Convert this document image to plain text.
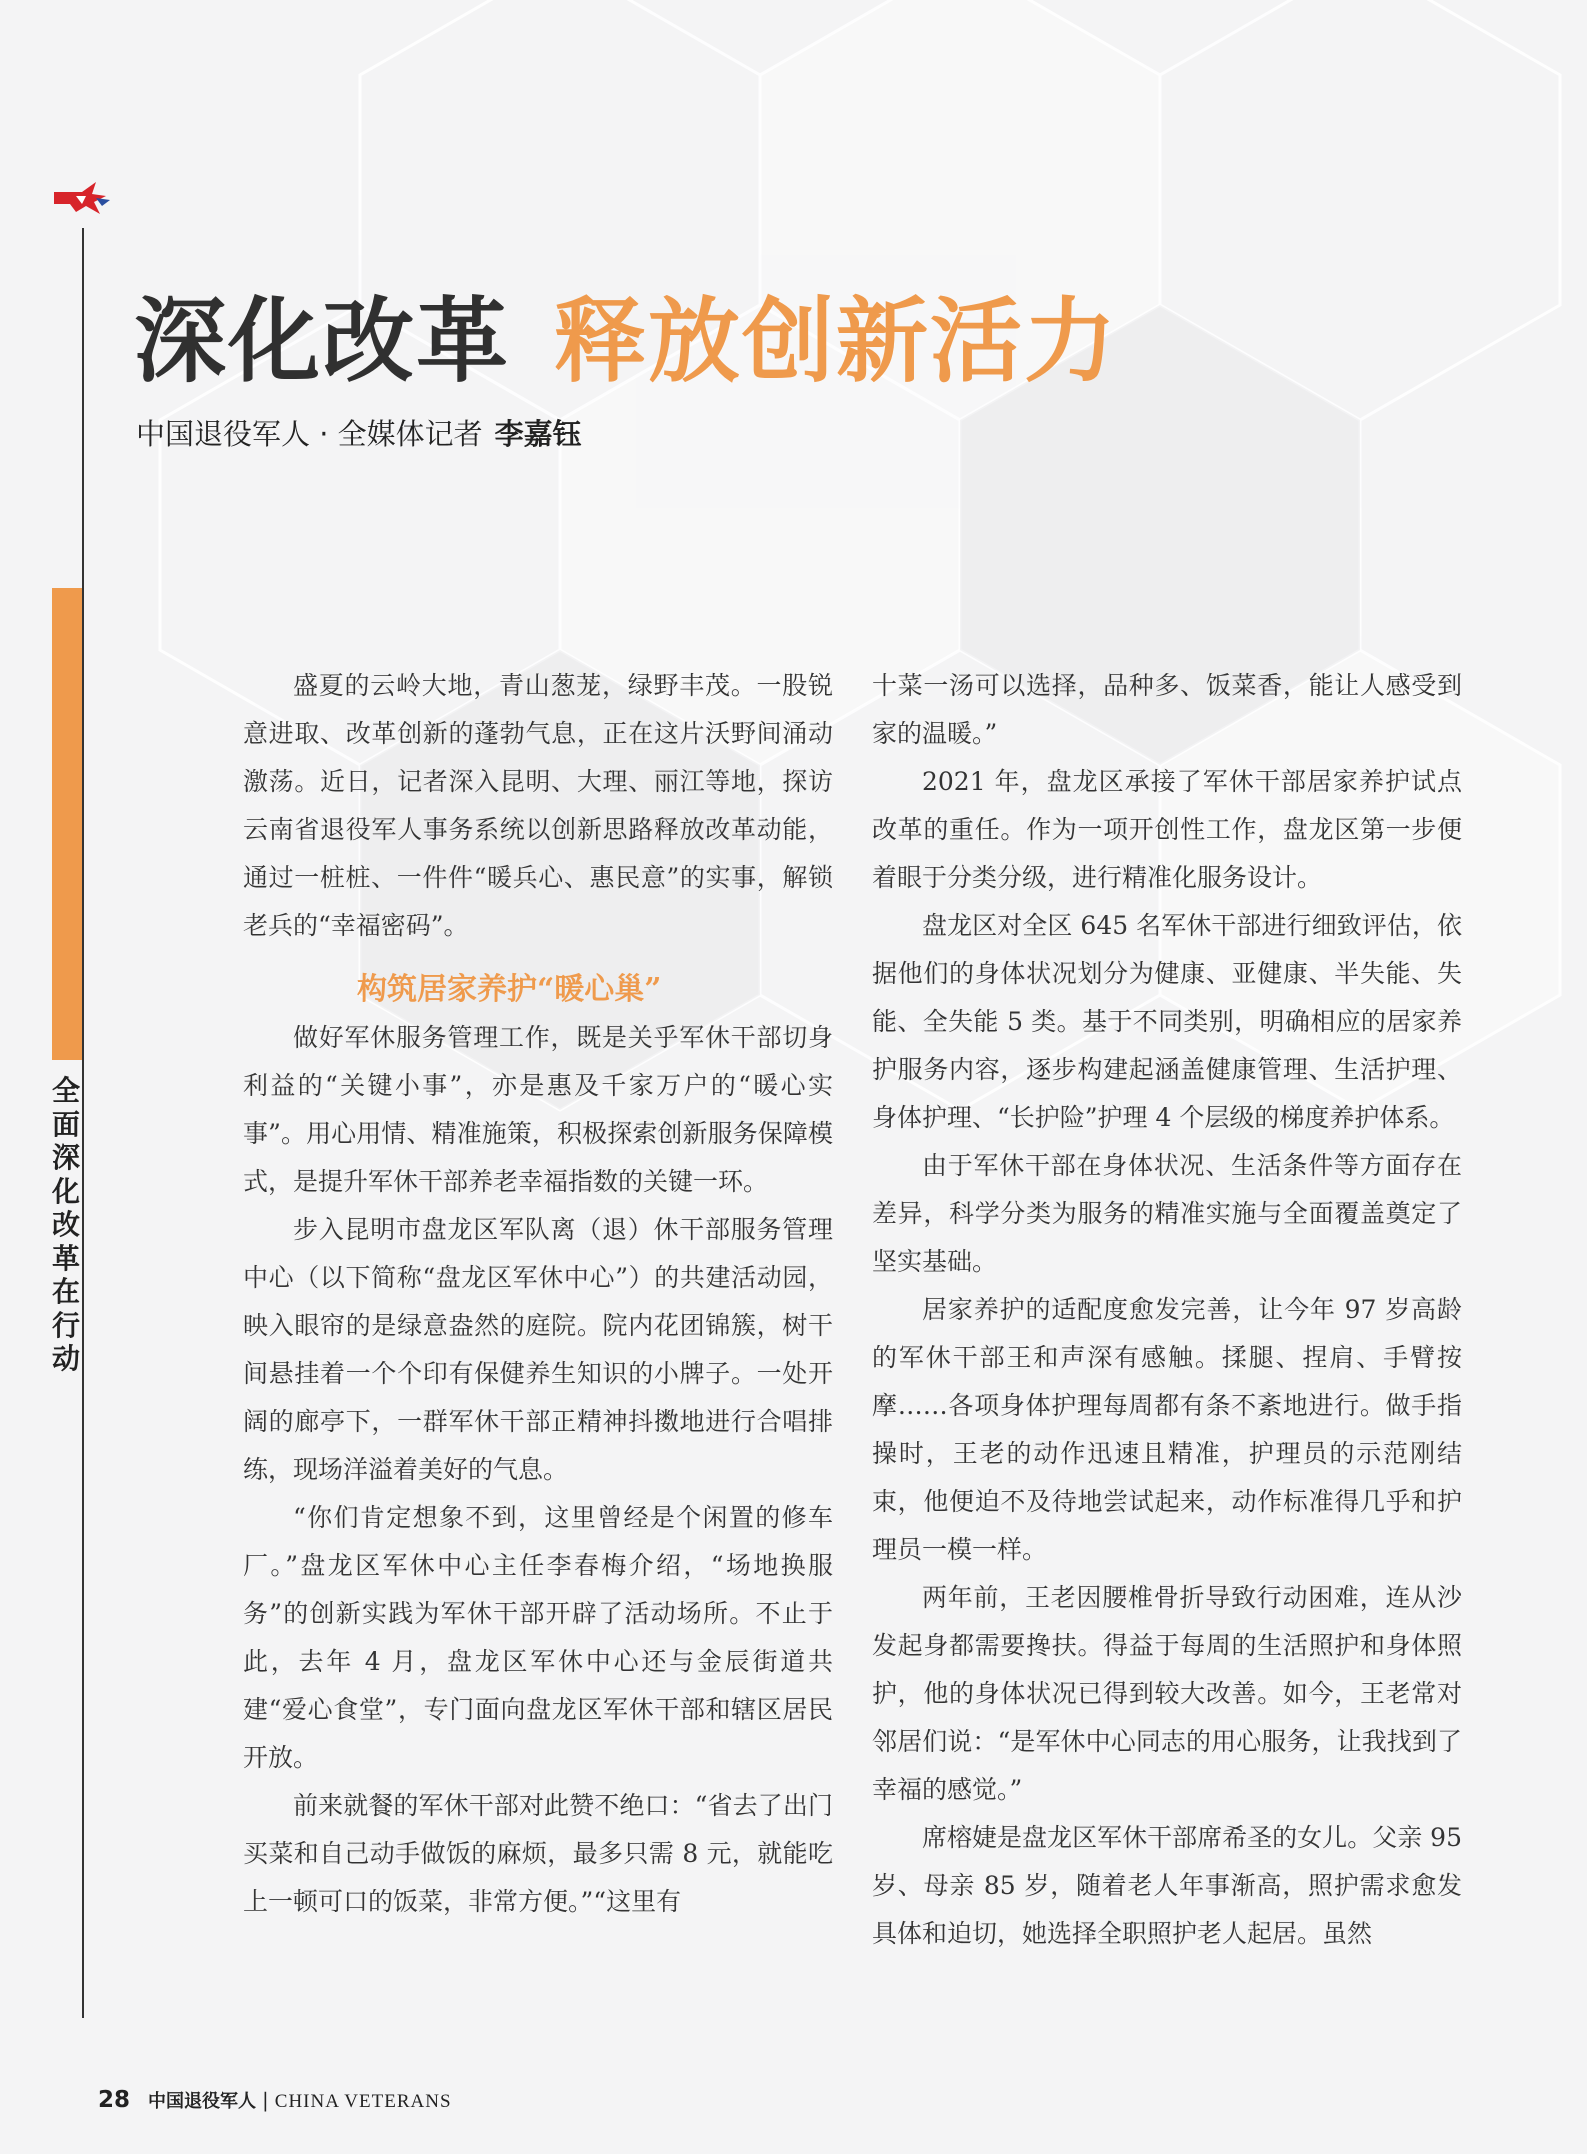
全面深化改革在行动
深化改革 释放创新活力
中国退役军人 · 全媒体记者 李嘉钰

盛夏的云岭大地，青山葱茏，绿野丰茂。一股锐意进取、改革创新的蓬勃气息，正在这片沃野间涌动激荡。近日，记者深入昆明、大理、丽江等地，探访云南省退役军人事务系统以创新思路释放改革动能，通过一桩桩、一件件“暖兵心、惠民意”的实事，解锁老兵的“幸福密码”。

构筑居家养护“暖心巢”

做好军休服务管理工作，既是关乎军休干部切身利益的“关键小事”，亦是惠及千家万户的“暖心实事”。用心用情、精准施策，积极探索创新服务保障模式，是提升军休干部养老幸福指数的关键一环。

步入昆明市盘龙区军队离（退）休干部服务管理中心（以下简称“盘龙区军休中心”）的共建活动园，映入眼帘的是绿意盎然的庭院。院内花团锦簇，树干间悬挂着一个个印有保健养生知识的小牌子。一处开阔的廊亭下，一群军休干部正精神抖擞地进行合唱排练，现场洋溢着美好的气息。

“你们肯定想象不到，这里曾经是个闲置的修车厂。”盘龙区军休中心主任李春梅介绍，“场地换服务”的创新实践为军休干部开辟了活动场所。不止于此，去年 4 月，盘龙区军休中心还与金辰街道共建“爱心食堂”，专门面向盘龙区军休干部和辖区居民开放。

前来就餐的军休干部对此赞不绝口：“省去了出门买菜和自己动手做饭的麻烦，最多只需 8 元，就能吃上一顿可口的饭菜，非常方便。”“这里有

十菜一汤可以选择，品种多、饭菜香，能让人感受到家的温暖。”

2021 年，盘龙区承接了军休干部居家养护试点改革的重任。作为一项开创性工作，盘龙区第一步便着眼于分类分级，进行精准化服务设计。

盘龙区对全区 645 名军休干部进行细致评估，依据他们的身体状况划分为健康、亚健康、半失能、失能、全失能 5 类。基于不同类别，明确相应的居家养护服务内容，逐步构建起涵盖健康管理、生活护理、身体护理、“长护险”护理 4 个层级的梯度养护体系。

由于军休干部在身体状况、生活条件等方面存在差异，科学分类为服务的精准实施与全面覆盖奠定了坚实基础。

居家养护的适配度愈发完善，让今年 97 岁高龄的军休干部王和声深有感触。揉腿、捏肩、手臂按摩……各项身体护理每周都有条不紊地进行。做手指操时，王老的动作迅速且精准，护理员的示范刚结束，他便迫不及待地尝试起来，动作标准得几乎和护理员一模一样。

两年前，王老因腰椎骨折导致行动困难，连从沙发起身都需要搀扶。得益于每周的生活照护和身体照护，他的身体状况已得到较大改善。如今，王老常对邻居们说：“是军休中心同志的用心服务，让我找到了幸福的感觉。”

席榕婕是盘龙区军休干部席希圣的女儿。父亲 95 岁、母亲 85 岁，随着老人年事渐高，照护需求愈发具体和迫切，她选择全职照护老人起居。虽然

28 中国退役军人 | CHINA VETERANS
